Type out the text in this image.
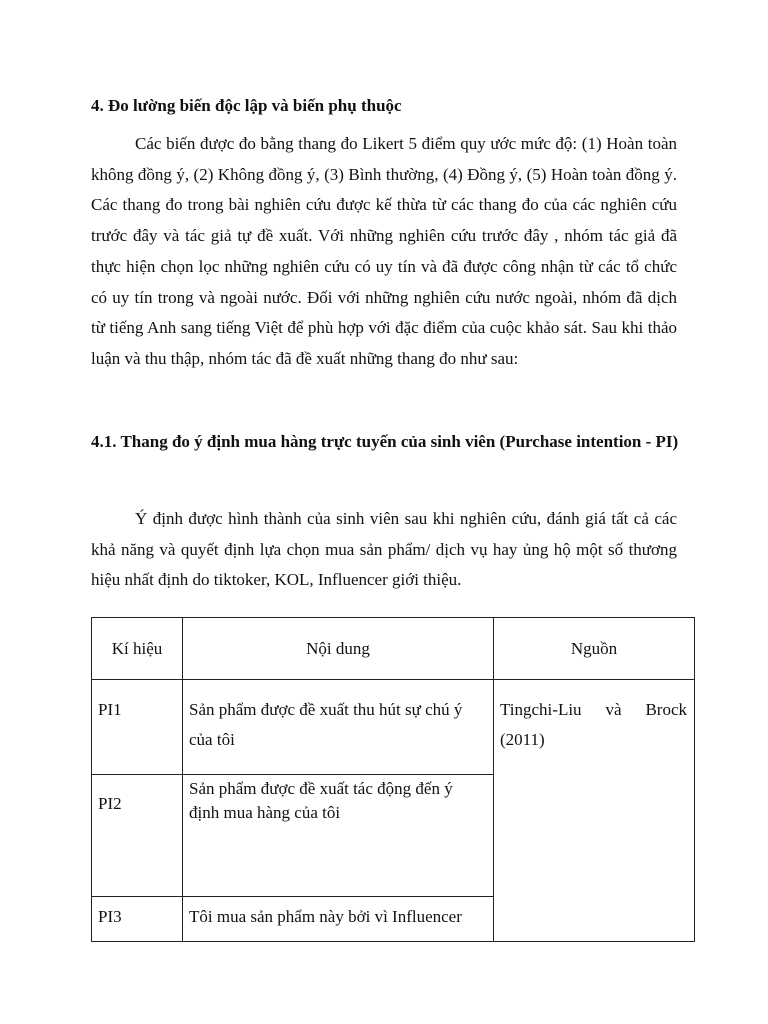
4. Đo lường biến độc lập và biến phụ thuộc

Các biến được đo bằng thang đo Likert 5 điểm quy ước mức độ: (1) Hoàn toàn không đồng ý, (2) Không đồng ý, (3) Bình thường, (4) Đồng ý, (5) Hoàn toàn đồng ý. Các thang đo trong bài nghiên cứu được kế thừa từ các thang đo của các nghiên cứu trước đây và tác giả tự đề xuất. Với những nghiên cứu trước đây , nhóm tác giả đã thực hiện chọn lọc những nghiên cứu có uy tín và đã được công nhận từ các tổ chức có uy tín trong và ngoài nước. Đối với những nghiên cứu nước ngoài, nhóm đã dịch từ tiếng Anh sang tiếng Việt để phù hợp với đặc điểm của cuộc khảo sát. Sau khi thảo luận và thu thập, nhóm tác đã đề xuất những thang đo như sau:

4.1. Thang đo ý định mua hàng trực tuyến của sinh viên (Purchase intention - PI)

Ý định được hình thành của sinh viên sau khi nghiên cứu, đánh giá tất cả các khả năng và quyết định lựa chọn mua sản phẩm/ dịch vụ hay ủng hộ một số thương hiệu nhất định do tiktoker, KOL, Influencer giới thiệu.

Kí hiệu	Nội dung	Nguồn
PI1	Sản phẩm được đề xuất thu hút sự chú ý của tôi	Tingchi-Liu và Brock (2011)
PI2	Sản phẩm được đề xuất tác động đến ý định mua hàng của tôi	
PI3	Tôi mua sản phẩm này bởi vì Influencer	
